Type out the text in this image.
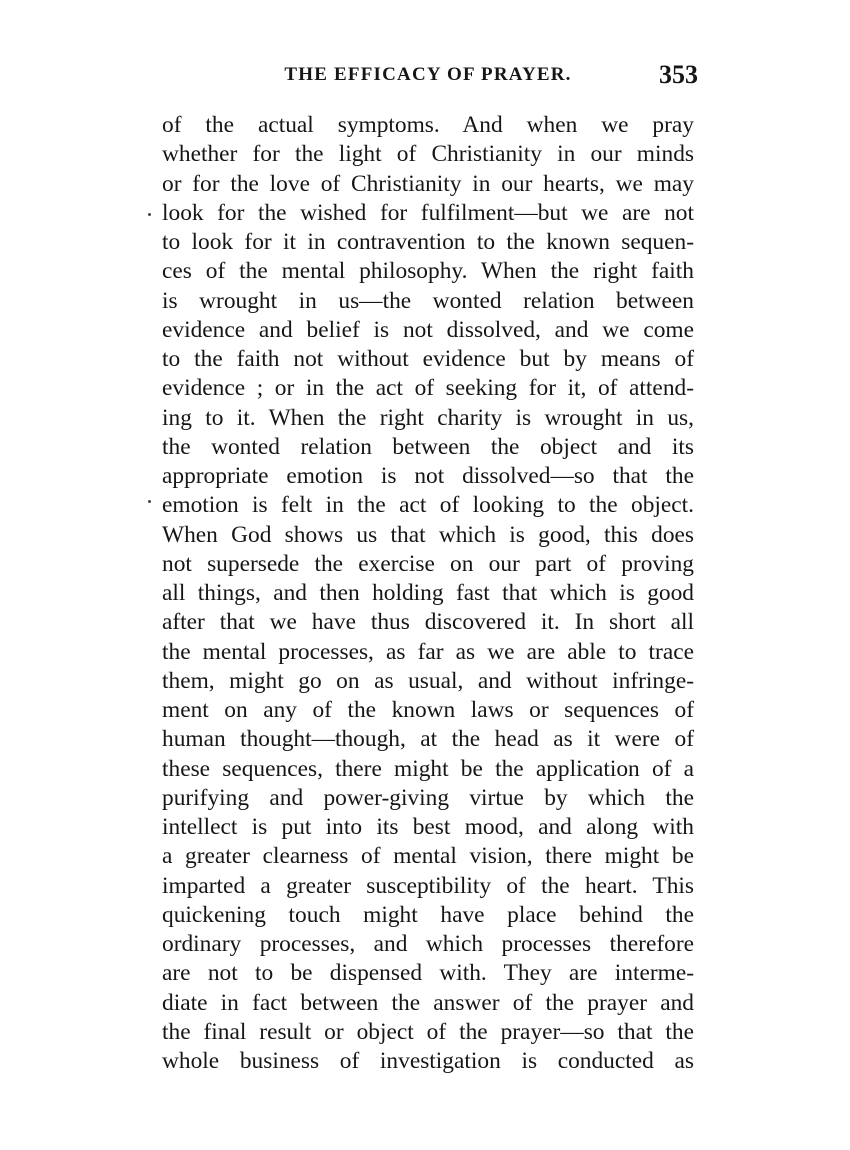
THE EFFICACY OF PRAYER.	353
of the actual symptoms. And when we pray
whether for the light of Christianity in our minds
or for the love of Christianity in our hearts, we may
look for the wished for fulfilment—but we are not
to look for it in contravention to the known sequen-
ces of the mental philosophy. When the right faith
is wrought in us—the wonted relation between
evidence and belief is not dissolved, and we come
to the faith not without evidence but by means of
evidence ; or in the act of seeking for it, of attend-
ing to it. When the right charity is wrought in us,
the wonted relation between the object and its
appropriate emotion is not dissolved—so that the
emotion is felt in the act of looking to the object.
When God shows us that which is good, this does
not supersede the exercise on our part of proving
all things, and then holding fast that which is good
after that we have thus discovered it. In short all
the mental processes, as far as we are able to trace
them, might go on as usual, and without infringe-
ment on any of the known laws or sequences of
human thought—though, at the head as it were of
these sequences, there might be the application of a
purifying and power-giving virtue by which the
intellect is put into its best mood, and along with
a greater clearness of mental vision, there might be
imparted a greater susceptibility of the heart. This
quickening touch might have place behind the
ordinary processes, and which processes therefore
are not to be dispensed with. They are interme-
diate in fact between the answer of the prayer and
the final result or object of the prayer—so that the
whole business of investigation is conducted as
